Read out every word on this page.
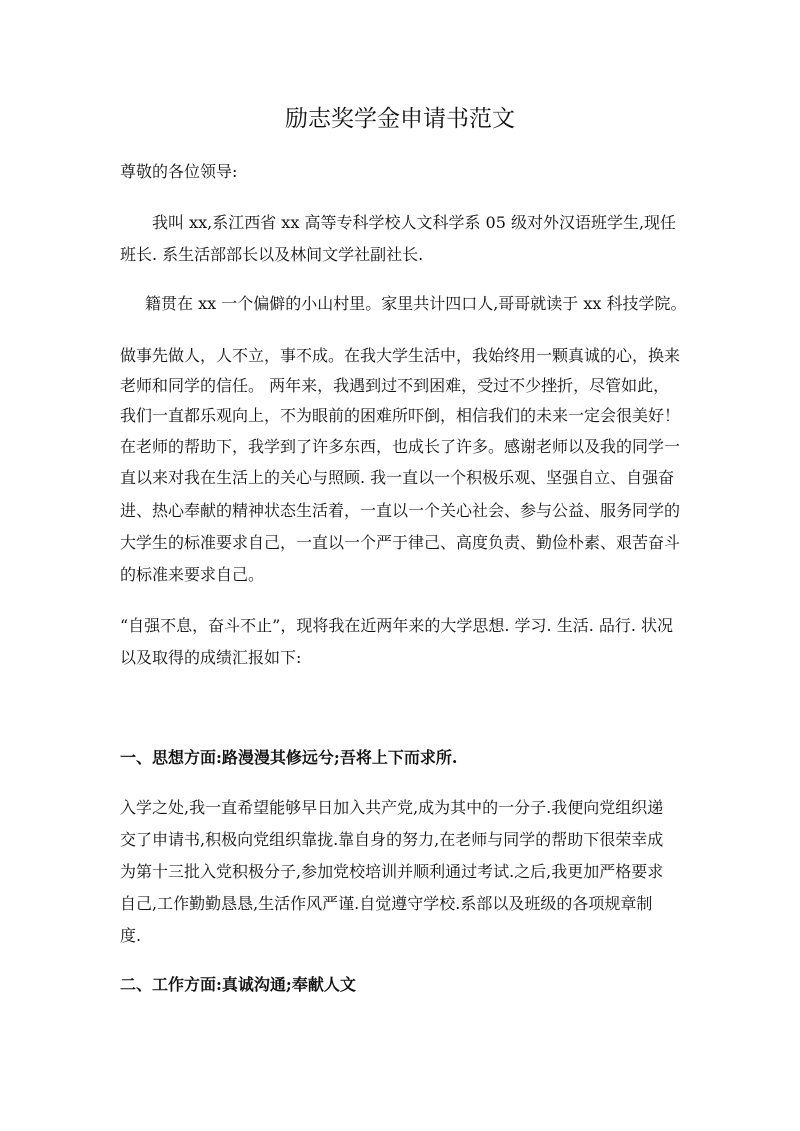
励志奖学金申请书范文

尊敬的各位领导:

我叫 xx,系江西省 xx 高等专科学校人文科学系 05 级对外汉语班学生,现任

班长. 系生活部部长以及林间文学社副社长.

籍贯在 xx 一个偏僻的小山村里。家里共计四口人,哥哥就读于 xx 科技学院。

做事先做人，人不立，事不成。在我大学生活中，我始终用一颗真诚的心，换来

老师和同学的信任。 两年来，我遇到过不到困难，受过不少挫折，尽管如此，

我们一直都乐观向上，不为眼前的困难所吓倒，相信我们的未来一定会很美好！

在老师的帮助下，我学到了许多东西，也成长了许多。感谢老师以及我的同学一

直以来对我在生活上的关心与照顾. 我一直以一个积极乐观、坚强自立、自强奋

进、热心奉献的精神状态生活着，一直以一个关心社会、参与公益、服务同学的

大学生的标准要求自己，一直以一个严于律己、高度负责、勤俭朴素、艰苦奋斗

的标准来要求自己。

“自强不息，奋斗不止”，现将我在近两年来的大学思想. 学习. 生活. 品行. 状况

以及取得的成绩汇报如下:

一、思想方面:路漫漫其修远兮;吾将上下而求所.

入学之处,我一直希望能够早日加入共产党,成为其中的一分子.我便向党组织递

交了申请书,积极向党组织靠拢.靠自身的努力,在老师与同学的帮助下很荣幸成

为第十三批入党积极分子,参加党校培训并顺利通过考试.之后,我更加严格要求

自己,工作勤勤恳恳,生活作风严谨.自觉遵守学校.系部以及班级的各项规章制

度.

二、工作方面:真诚沟通;奉献人文
